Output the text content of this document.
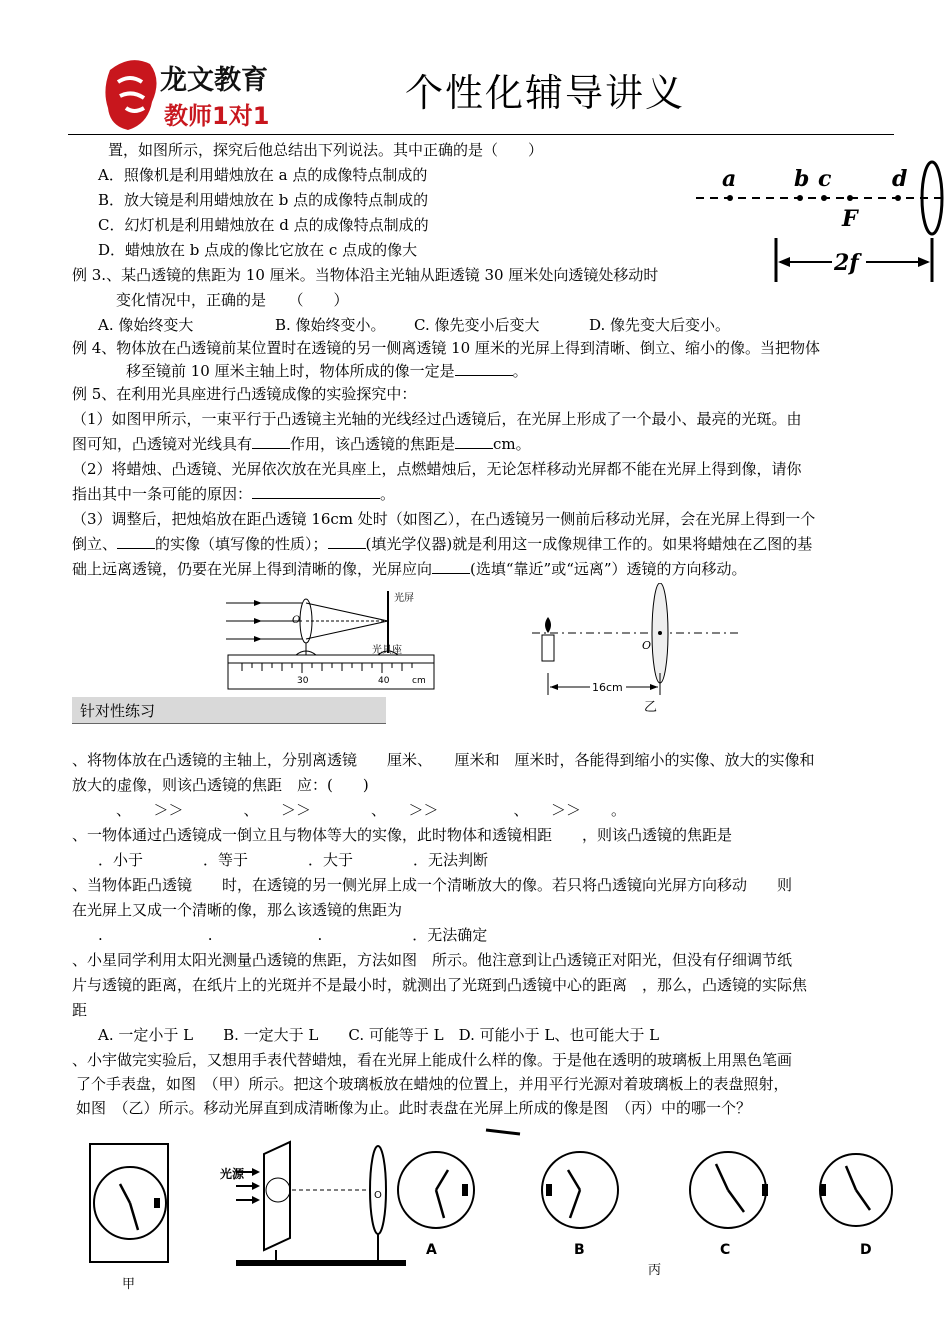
龙文教育
教师1对1
个性化辅导讲义
a	b c	d
F
2f
置，如图所示，探究后他总结出下列说法。其中正确的是（　　）
A．照像机是利用蜡烛放在 a 点的成像特点制成的
B．放大镜是利用蜡烛放在 b 点的成像特点制成的
C．幻灯机是利用蜡烛放在 d 点的成像特点制成的
D．蜡烛放在 b 点成的像比它放在 c 点成的像大
例 3.、某凸透镜的焦距为 10 厘米。当物体沿主光轴从距透镜 30 厘米处向透镜处移动时
变化情况中，正确的是　　（　　）
A. 像始终变大	B. 像始终变小。 C. 像先变小后变大	D. 像先变大后变小。
例 4、物体放在凸透镜前某位置时在透镜的另一侧离透镜 10 厘米的光屏上得到清晰、倒立、缩小的像。当把物体
移至镜前 10 厘米主轴上时，物体所成的像一定是	。
例 5、在利用光具座进行凸透镜成像的实验探究中：
（1）如图甲所示，一束平行于凸透镜主光轴的光线经过凸透镜后，在光屏上形成了一个最小、最亮的光斑。由
图可知，凸透镜对光线具有	作用，该凸透镜的焦距是	cm。
（2）将蜡烛、凸透镜、光屏依次放在光具座上，点燃蜡烛后，无论怎样移动光屏都不能在光屏上得到像，请你
指出其中一条可能的原因：	。
（3）调整后，把烛焰放在距凸透镜 16cm 处时（如图乙），在凸透镜另一侧前后移动光屏，会在光屏上得到一个
倒立、	的实像（填写像的性质）；	(填光学仪器)就是利用这一成像规律工作的。如果将蜡烛在乙图的基
础上远离透镜，仍要在光屏上得到清晰的像，光屏应向	(选填“靠近”或“远离”）透镜的方向移动。
光屏
O
30	40	cm
光具座
针对性练习
O
16cm
乙
、将物体放在凸透镜的主轴上，分别离透镜　　厘米、　　厘米和　厘米时，各能得到缩小的实像、放大的实像和
放大的虚像，则该凸透镜的焦距　应：(　　)
、　　＞＞　　　　、　　＞＞　　　　、　　＞＞　　　　　、　　＞＞　　。
、一物体通过凸透镜成一倒立且与物体等大的实像，此时物体和透镜相距　　，则该凸透镜的焦距是
．小于　　　　．等于　　　　．大于　　　　．无法判断
、当物体距凸透镜　　时，在透镜的另一侧光屏上成一个清晰放大的像。若只将凸透镜向光屏方向移动　　则
在光屏上又成一个清晰的像，那么该透镜的焦距为
.　　　　　　　.　　　　　　　.　　　　　　．无法确定
、小星同学利用太阳光测量凸透镜的焦距，方法如图　所示。他注意到让凸透镜正对阳光，但没有仔细调节纸
片与透镜的距离，在纸片上的光斑并不是最小时，就测出了光斑到凸透镜中心的距离　，那么，凸透镜的实际焦
距
A. 一定小于 L　　B. 一定大于 L　　C. 可能等于 L　D. 可能小于 L、也可能大于 L
、小宇做完实验后，又想用手表代替蜡烛，看在光屏上能成什么样的像。于是他在透明的玻璃板上用黑色笔画
了个手表盘，如图　（甲）所示。把这个玻璃板放在蜡烛的位置上，并用平行光源对着玻璃板上的表盘照射，
如图　（乙）所示。移动光屏直到成清晰像为止。此时表盘在光屏上所成的像是图　（丙）中的哪一个？
甲
光源
O
A	B
丙
C	D
